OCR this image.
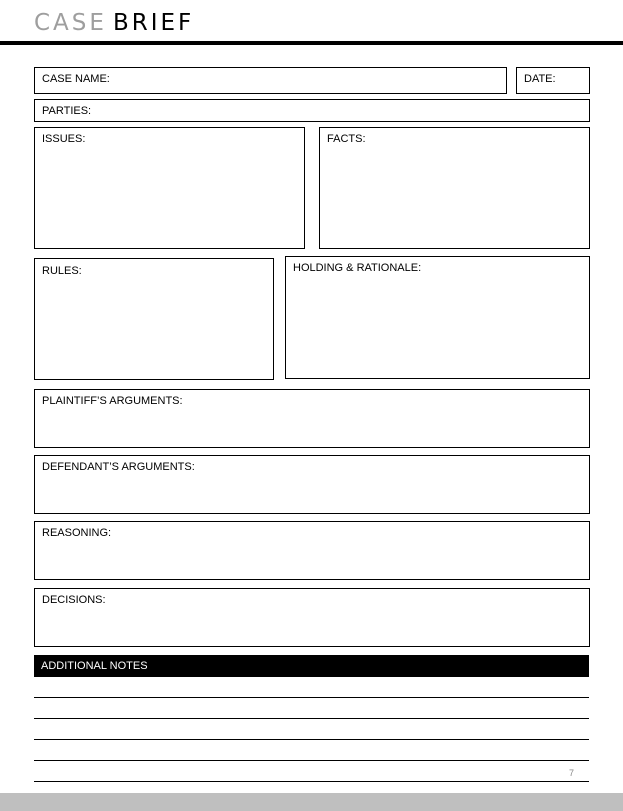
CASE BRIEF
CASE NAME:	DATE:
PARTIES:
ISSUES:	FACTS:
RULES:	HOLDING & RATIONALE:
PLAINTIFF’S ARGUMENTS:
DEFENDANT’S ARGUMENTS:
REASONING:
DECISIONS:
ADDITIONAL NOTES
7
